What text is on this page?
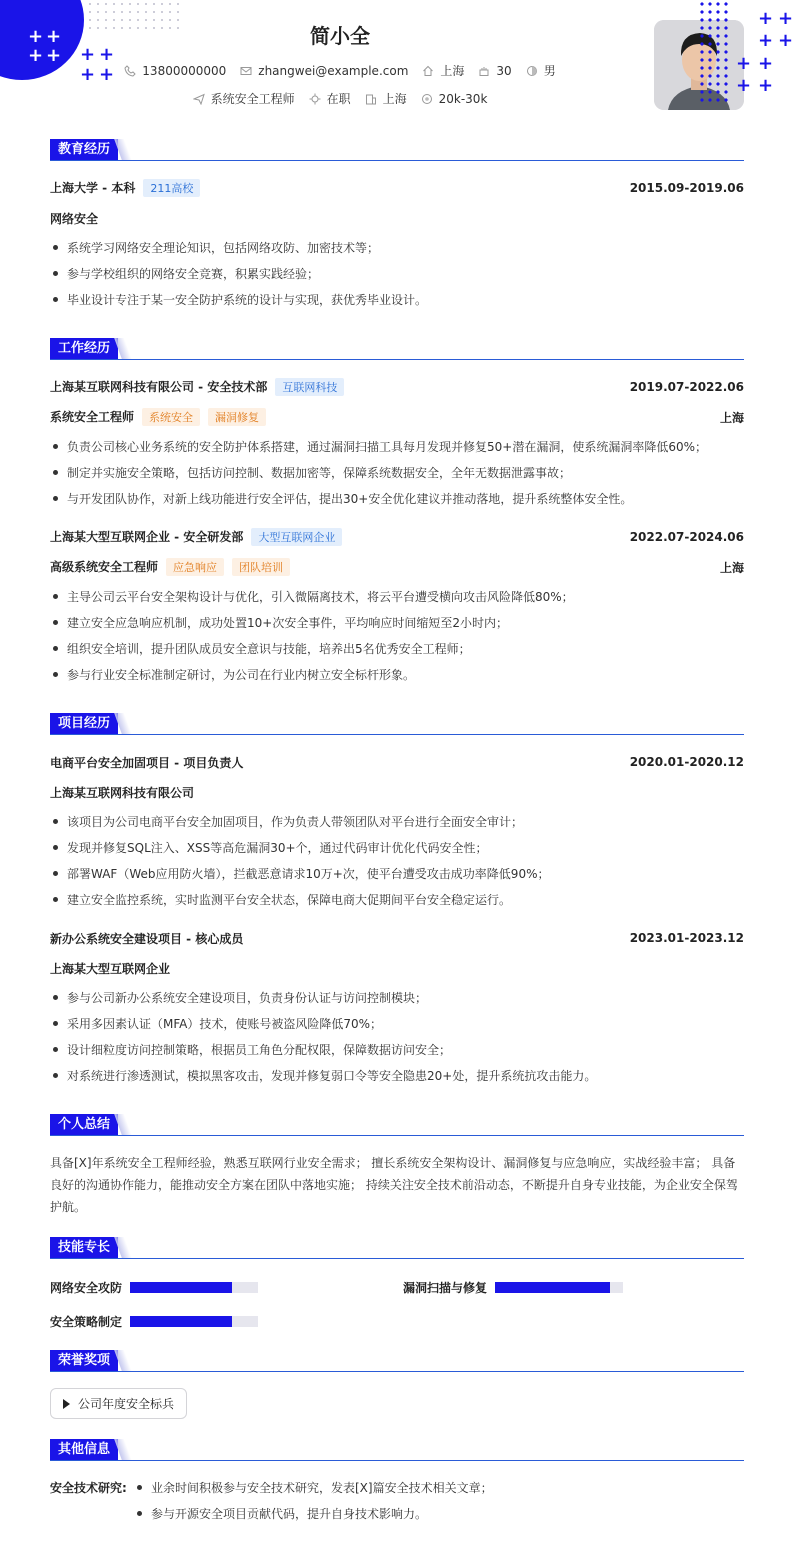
+ +
+ + + +
+ +
+ +
+ +
+ +
+ +
简小全
13800000000	zhangwei@example.com	上海	30	男
系统安全工程师	在职	上海	20k-30k
教育经历
上海大学 - 本科 211高校	2015.09-2019.06
网络安全
系统学习网络安全理论知识，包括网络攻防、加密技术等；
参与学校组织的网络安全竞赛，积累实践经验；
毕业设计专注于某一安全防护系统的设计与实现，获优秀毕业设计。
工作经历
上海某互联网科技有限公司 - 安全技术部 互联网科技	2019.07-2022.06
系统安全工程师 系统安全 漏洞修复	上海
负责公司核心业务系统的安全防护体系搭建，通过漏洞扫描工具每月发现并修复50+潜在漏洞，使系统漏洞率降低60%；
制定并实施安全策略，包括访问控制、数据加密等，保障系统数据安全，全年无数据泄露事故；
与开发团队协作，对新上线功能进行安全评估，提出30+安全优化建议并推动落地，提升系统整体安全性。
上海某大型互联网企业 - 安全研发部 大型互联网企业	2022.07-2024.06
高级系统安全工程师 应急响应 团队培训	上海
主导公司云平台安全架构设计与优化，引入微隔离技术，将云平台遭受横向攻击风险降低80%；
建立安全应急响应机制，成功处置10+次安全事件，平均响应时间缩短至2小时内；
组织安全培训，提升团队成员安全意识与技能，培养出5名优秀安全工程师；
参与行业安全标准制定研讨，为公司在行业内树立安全标杆形象。
项目经历
电商平台安全加固项目 - 项目负责人	2020.01-2020.12
上海某互联网科技有限公司
该项目为公司电商平台安全加固项目，作为负责人带领团队对平台进行全面安全审计；
发现并修复SQL注入、XSS等高危漏洞30+个，通过代码审计优化代码安全性；
部署WAF（Web应用防火墙），拦截恶意请求10万+次，使平台遭受攻击成功率降低90%；
建立安全监控系统，实时监测平台安全状态，保障电商大促期间平台安全稳定运行。
新办公系统安全建设项目 - 核心成员	2023.01-2023.12
上海某大型互联网企业
参与公司新办公系统安全建设项目，负责身份认证与访问控制模块；
采用多因素认证（MFA）技术，使账号被盗风险降低70%；
设计细粒度访问控制策略，根据员工角色分配权限，保障数据访问安全；
对系统进行渗透测试，模拟黑客攻击，发现并修复弱口令等安全隐患20+处，提升系统抗攻击能力。
个人总结
具备[X]年系统安全工程师经验，熟悉互联网行业安全需求； 擅长系统安全架构设计、漏洞修复与应急响应，实战经验丰富； 具备良好的沟通协作能力，能推动安全方案在团队中落地实施； 持续关注安全技术前沿动态，不断提升自身专业技能，为企业安全保驾护航。
技能专长
网络安全攻防	漏洞扫描与修复
安全策略制定
荣誉奖项
公司年度安全标兵
其他信息
安全技术研究:	业余时间积极参与安全技术研究，发表[X]篇安全技术相关文章；
参与开源安全项目贡献代码，提升自身技术影响力。
